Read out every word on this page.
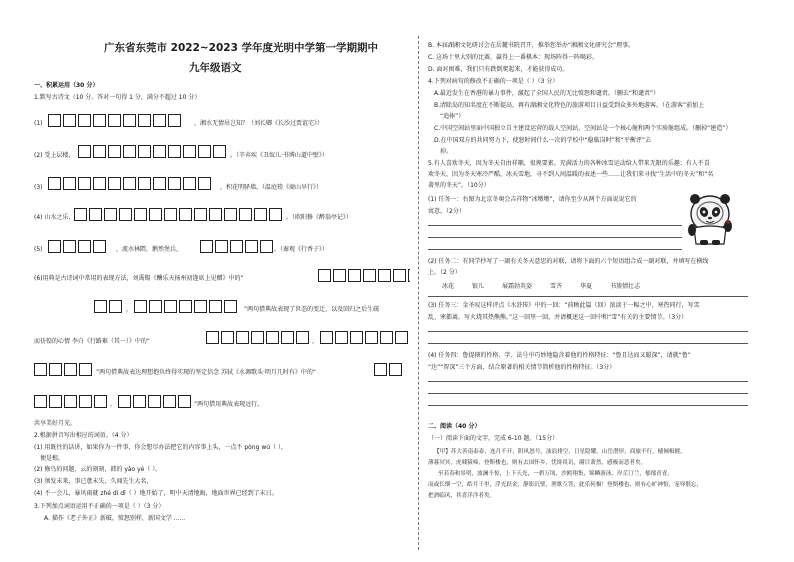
广东省东莞市 2022~2023 学年度光明中学第一学期期中
九年级语文
一、积累运用（30 分）
1.默写古诗文（10 分。答对一句得 1 分，满分不超过 10 分）
(1)	，湘水无情吊岂知？（刘长卿《长沙过贾谊宅》）
(2) 受上层楼，	。（辛弃疾《丑奴儿·书博山道中壁》）
(3)	，枳花明驿墙。（温庭筠《商山早行》）
(4) 山水之乐，	。（欧阳修《醉翁亭记》）
(5)	，流水林隈，鹅然堡兵，	。（秦观《行香子》）
(6)用典是古诗词中常用的表现方法，刘禹锡《酬乐天扬州初逢席上见赠》中的“
，	”两句借典故表现了世态的变迁，以及回归之后生疏
而彷徨的心情 李白《行路难（其一）》中的“	，
”两句借典故表达理想抱负终得实现的坚定信念 苏轼《水调歌头·明月几时有》中的“
，	”两句借用典故表现远行。
共享美好月光。
2.根据拼音写出相应的词语。（4 分）
(1) 用既往的话讲，如果你为一件事，你会想尽办法把它的内容事上头，一点不 pòng wú（ ），
便是根。
(2) 修鸟的问题，云的刻刻，韩的 yào yé（ ）。
(3) 须发未来，事已惫未失，久闻先生大名，
(4) 不一会儿，暴风雨就 zhé dì dǐ（ ）地开始了，明中天清地晦，地面世界已经到了末日。
3.下列加点词语运用不正确的一项是（ ）（3 分）
A. 描作《老子外正》新破，愤怒别样，新国文学 ......
B. 本届湖湘文化研讨会在岳麓书院召开，推举您举办“湘湘文化研究会”理事。
C. 这场十里大别的比赛，赢得上一番棋本：现场阵得一阵喝彩。
D. 面对困难，我们只有跌倒爬起来，才能获得成功。
4.下列对病句的修改不正确的一项是（ ）（3 分）
A.最近发生在香港的暴力事件，激起了全国人民的无比愤怒和谴责。（删去“和谴责”）
B.清除岛的知名度在不断提高，再有湖湘文化特色的旅游项目日益受到众多外地游客。（在游客”前加上
“追捧”）
C.中国空间站里面中国独立自主建设运营的载人空间站，空间站是一个核心舱和两个实验舱组成。（删掉“建造”）
D.在中国双方的共同努力下，使怒时间什么一次的学校中“稳临岗时”和“平衡评”去
掉。
5.有人喜欢冬天，因为冬天自由祥顺，很规要素。充满活力的各种冰雪运动给人带来无限的乐趣；有人不喜
欢冬天，因为冬天寒冷严酷，冰天雪地，寻不到人间温暖的表述一些……让我们来寻找“生活中的冬天”和“名
著里的冬天”。（10分）
(1) 任务一：右图为北京冬奥会吉祥物“冰墩墩”，请你至少从两个方面说说它的
寓意。（2分）
(2) 任务二：有同学抄写了一副有关冬天意思的对联，请将下面的六个短语组合成一副对联，并填写在横线
上。（2 分）
冰花	银儿	展霜勃英姿	雪齐	华夏	书簇情壮志
(3) 任务三：金圣叹这样评点《水浒传》中的一回：“前顾此篇（回）浓淡于一幅之中，寒热同行，写雪
乱、寒都离，写火烧其热熊熊。”这一回里一回，并请概述这一回中和“雪”有关的主要情节。（3分）
(4) 任务四：鲁提辖的性格、字、法号中巧妙地隐含着他的性格特征：“鲁且达而又聪深”，请就“鲁”
“达”“智深”三个方面，结合原著的相关情节简析他的性格特征。（3分）
二、阅读（40 分）
（一）阅读下面的文字，完成 6-10 题。（15分）
【甲】苏大善南泰泰，连月不开，阴风怒号，浊浪排空，日星隐耀，山岳潜形，商旅不行，樯倾楫摧，
薄暮冥冥，虎啸猿啼，登斯楼也，则有去国怀乡，忧谗畏讥，满目萧然，感极而悲者矣。
至若春和景明，波澜不惊，上下天光，一碧万顷，沙鸥翔集，锦鳞游泳，岸芷汀兰，郁郁青青。
而或长烟一空，皓月千里，浮光跃金，静影沉璧，渔歌互答，此乐何极！登斯楼也，则有心旷神怡，宠辱偕忘，
把酒临风，其喜洋洋者矣。
